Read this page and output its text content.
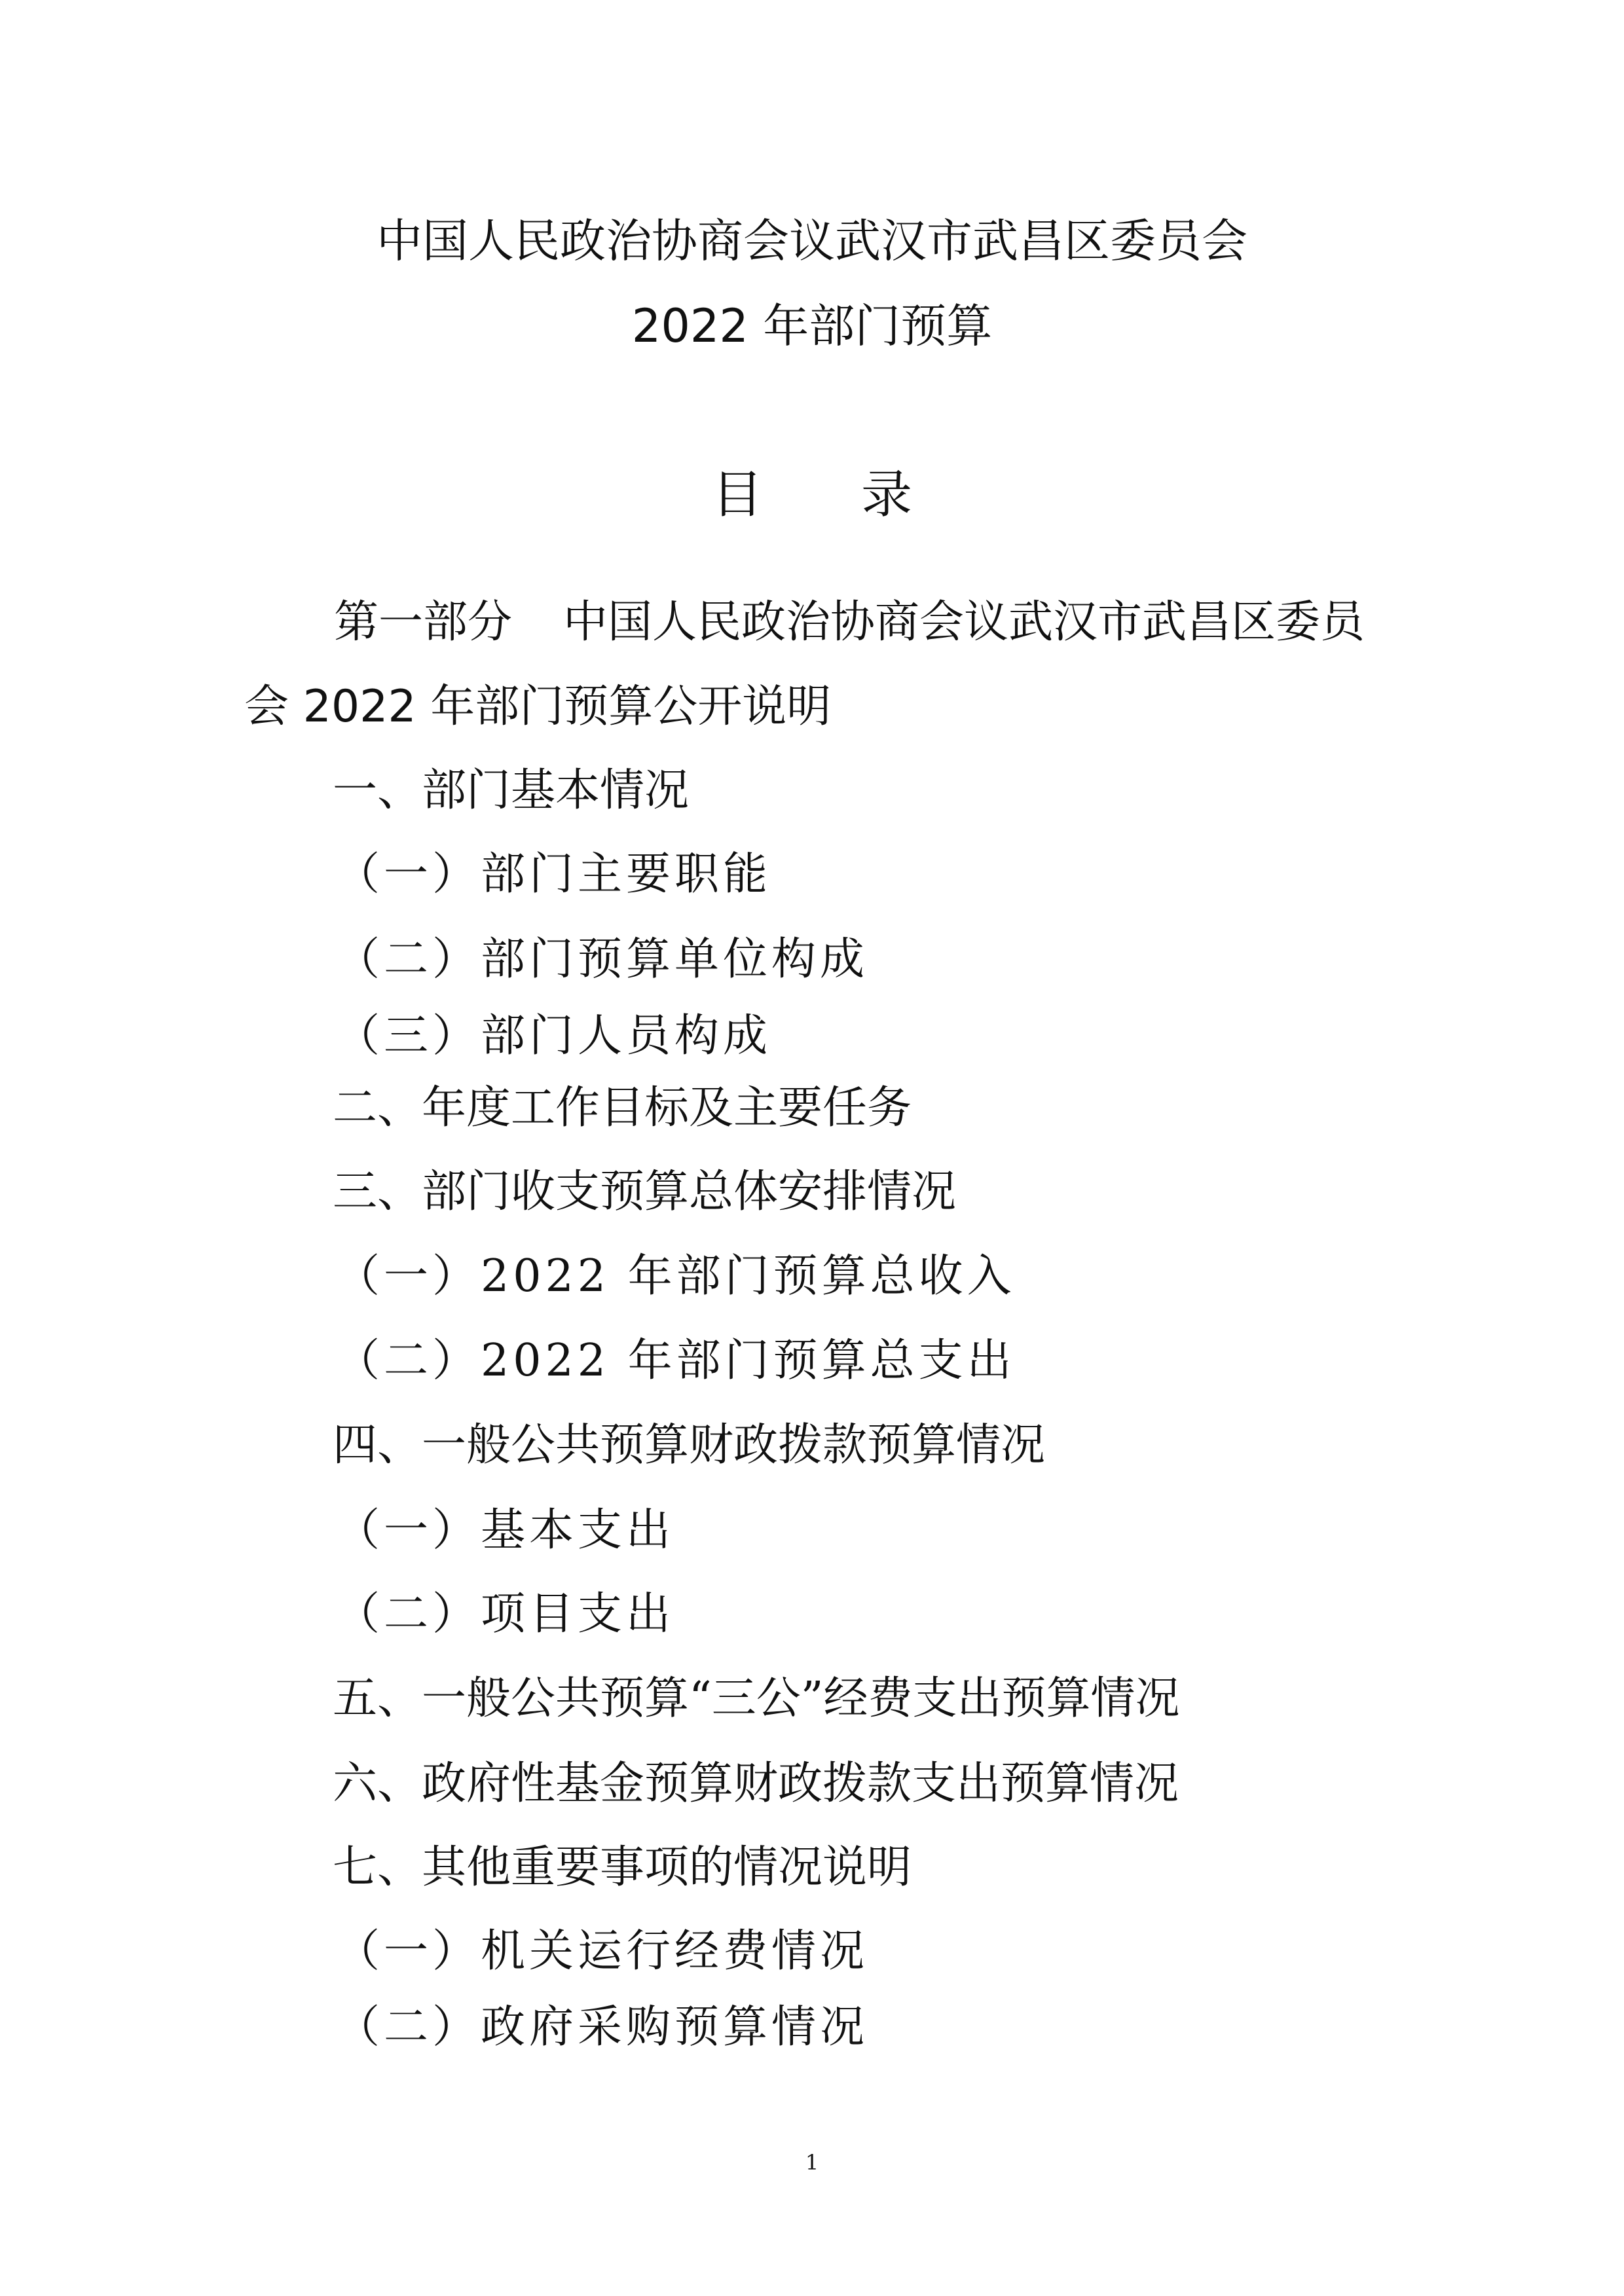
中国人民政治协商会议武汉市武昌区委员会
2022 年部门预算
目 录
第一部分 中国人民政治协商会议武汉市武昌区委员
会 2022 年部门预算公开说明
一、部门基本情况
（一）部门主要职能
（二）部门预算单位构成
（三）部门人员构成
二、年度工作目标及主要任务
三、部门收支预算总体安排情况
（一）2022 年部门预算总收入
（二）2022 年部门预算总支出
四、一般公共预算财政拨款预算情况
（一）基本支出
（二）项目支出
五、一般公共预算“三公”经费支出预算情况
六、政府性基金预算财政拨款支出预算情况
七、其他重要事项的情况说明
（一）机关运行经费情况
（二）政府采购预算情况
1
